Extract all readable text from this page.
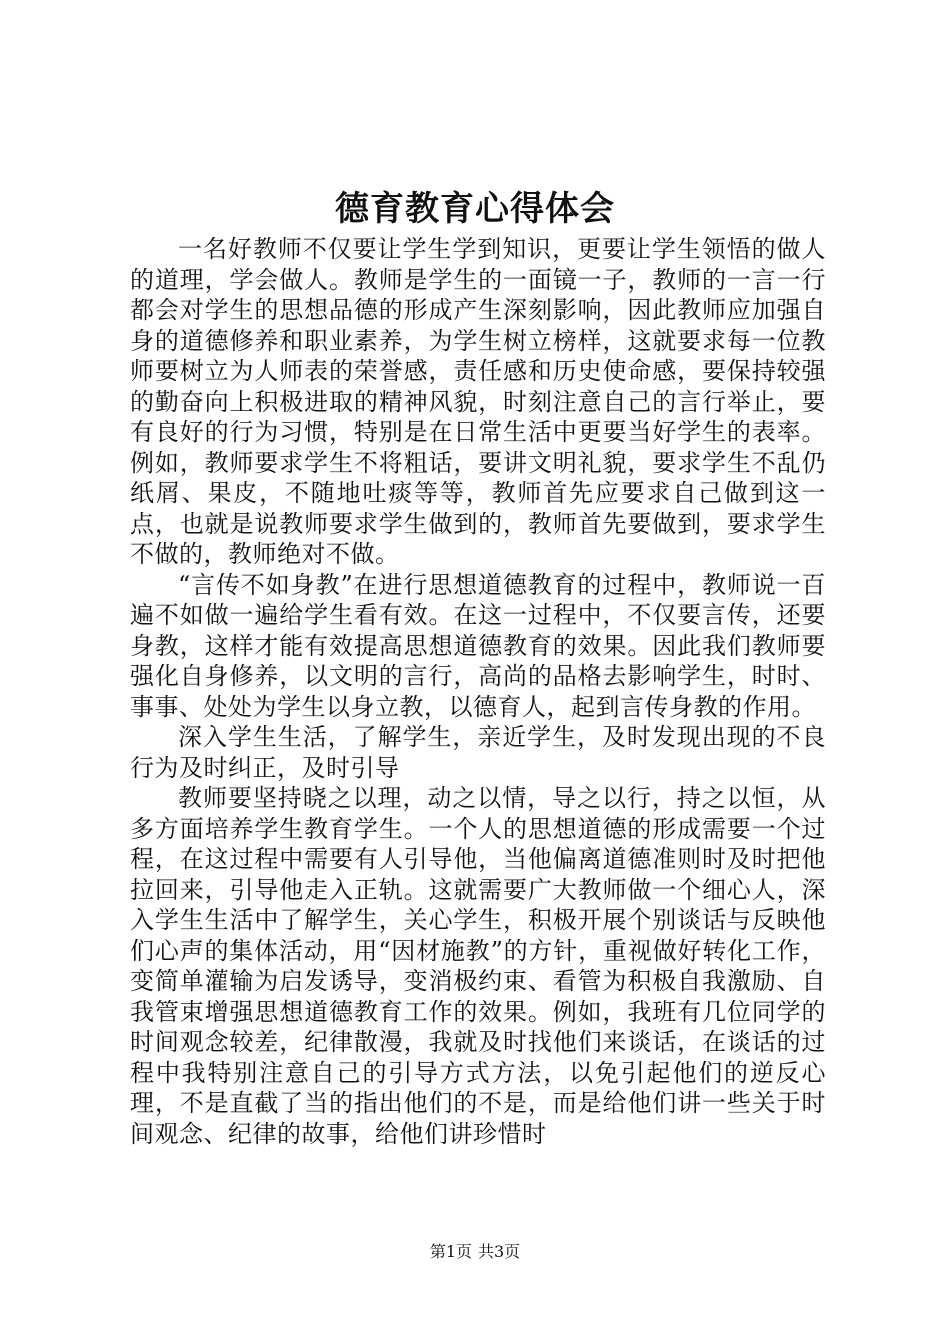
德育教育心得体会

一名好教师不仅要让学生学到知识，更要让学生领悟的做人的道理，学会做人。教师是学生的一面镜一子，教师的一言一行都会对学生的思想品德的形成产生深刻影响，因此教师应加强自身的道德修养和职业素养，为学生树立榜样，这就要求每一位教师要树立为人师表的荣誉感，责任感和历史使命感，要保持较强的勤奋向上积极进取的精神风貌，时刻注意自己的言行举止，要有良好的行为习惯，特别是在日常生活中更要当好学生的表率。例如，教师要求学生不将粗话，要讲文明礼貌，要求学生不乱仍纸屑、果皮，不随地吐痰等等，教师首先应要求自己做到这一点，也就是说教师要求学生做到的，教师首先要做到，要求学生不做的，教师绝对不做。

“言传不如身教”在进行思想道德教育的过程中，教师说一百遍不如做一遍给学生看有效。在这一过程中，不仅要言传，还要身教，这样才能有效提高思想道德教育的效果。因此我们教师要强化自身修养，以文明的言行，高尚的品格去影响学生，时时、事事、处处为学生以身立教，以德育人，起到言传身教的作用。

深入学生生活，了解学生，亲近学生，及时发现出现的不良行为及时纠正，及时引导

教师要坚持晓之以理，动之以情，导之以行，持之以恒，从多方面培养学生教育学生。一个人的思想道德的形成需要一个过程，在这过程中需要有人引导他，当他偏离道德准则时及时把他拉回来，引导他走入正轨。这就需要广大教师做一个细心人，深入学生生活中了解学生，关心学生，积极开展个别谈话与反映他们心声的集体活动，用“因材施教”的方针，重视做好转化工作，变简单灌输为启发诱导，变消极约束、看管为积极自我激励、自我管束增强思想道德教育工作的效果。例如，我班有几位同学的时间观念较差，纪律散漫，我就及时找他们来谈话，在谈话的过程中我特别注意自己的引导方式方法，以免引起他们的逆反心理，不是直截了当的指出他们的不是，而是给他们讲一些关于时间观念、纪律的故事，给他们讲珍惜时

第1页 共3页
